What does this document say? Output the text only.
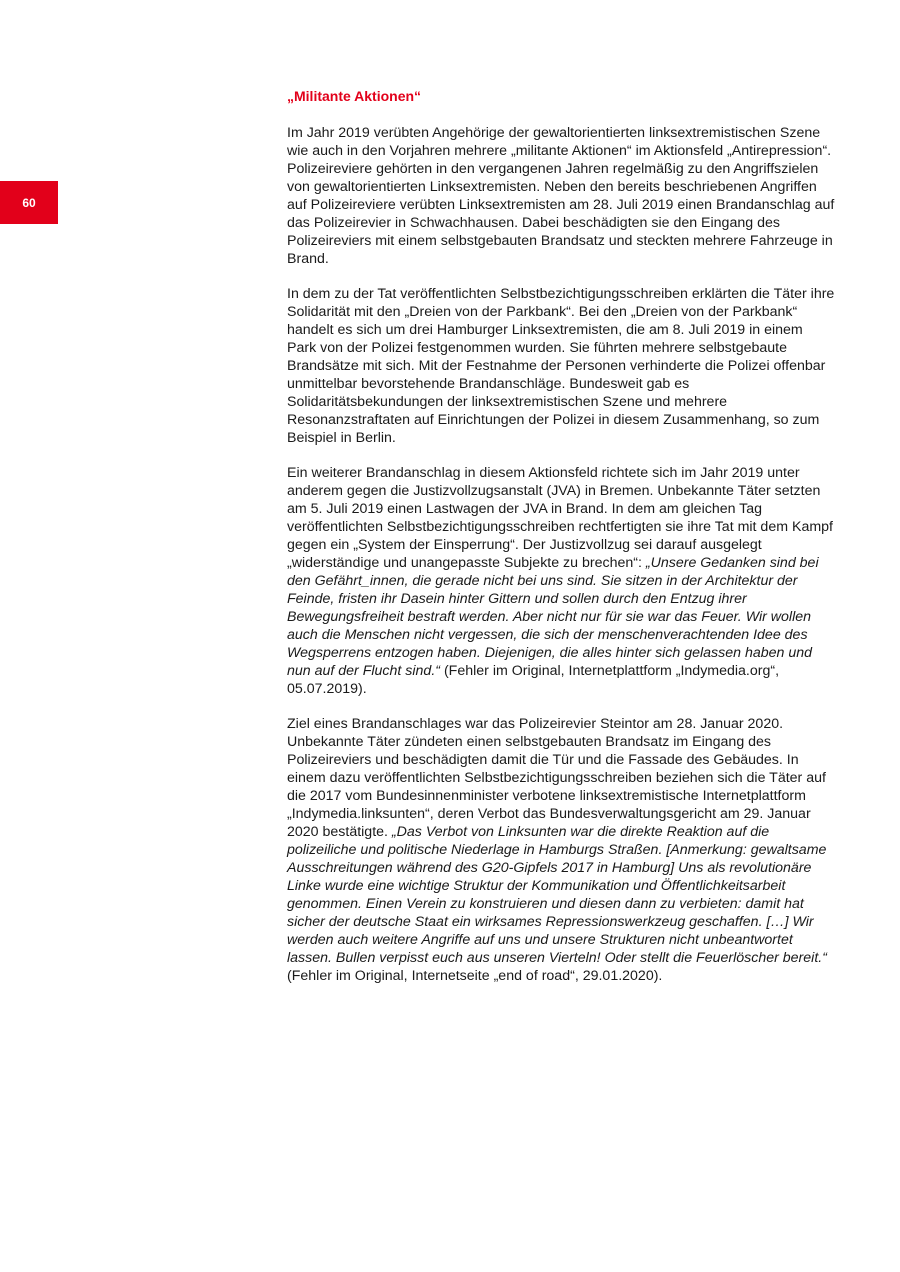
60
„Militante Aktionen“

Im Jahr 2019 verübten Angehörige der gewaltorientierten linksextremistischen Szene wie auch in den Vorjahren mehrere „militante Aktionen“ im Aktionsfeld „Antirepression“. Polizeireviere gehörten in den vergangenen Jahren regelmäßig zu den Angriffszielen von gewaltorientierten Linksextremisten. Neben den bereits beschriebenen Angriffen auf Polizeireviere verübten Linksextremisten am 28. Juli 2019 einen Brandanschlag auf das Polizeirevier in Schwachhausen. Dabei beschädigten sie den Eingang des Polizeireviers mit einem selbstgebauten Brandsatz und steckten mehrere Fahrzeuge in Brand.

In dem zu der Tat veröffentlichten Selbstbezichtigungsschreiben erklärten die Täter ihre Solidarität mit den „Dreien von der Parkbank“. Bei den „Dreien von der Parkbank“ handelt es sich um drei Hamburger Linksextremisten, die am 8. Juli 2019 in einem Park von der Polizei festgenommen wurden. Sie führten mehrere selbstgebaute Brandsätze mit sich. Mit der Festnahme der Personen verhinderte die Polizei offenbar unmittelbar bevorstehende Brandanschläge. Bundesweit gab es Solidaritätsbekundungen der linksextremistischen Szene und mehrere Resonanzstraftaten auf Einrichtungen der Polizei in diesem Zusammenhang, so zum Beispiel in Berlin.

Ein weiterer Brandanschlag in diesem Aktionsfeld richtete sich im Jahr 2019 unter anderem gegen die Justizvollzugsanstalt (JVA) in Bremen. Unbekannte Täter setzten am 5. Juli 2019 einen Lastwagen der JVA in Brand. In dem am gleichen Tag veröffentlichten Selbstbezichtigungsschreiben rechtfertigten sie ihre Tat mit dem Kampf gegen ein „System der Einsperrung“. Der Justizvollzug sei darauf ausgelegt „widerständige und unangepasste Subjekte zu brechen“: „Unsere Gedanken sind bei den Gefährt_innen, die gerade nicht bei uns sind. Sie sitzen in der Architektur der Feinde, fristen ihr Dasein hinter Gittern und sollen durch den Entzug ihrer Bewegungsfreiheit bestraft werden. Aber nicht nur für sie war das Feuer. Wir wollen auch die Menschen nicht vergessen, die sich der menschenverachtenden Idee des Wegsperrens entzogen haben. Diejenigen, die alles hinter sich gelassen haben und nun auf der Flucht sind.“ (Fehler im Original, Internetplattform „Indymedia.org“, 05.07.2019).

Ziel eines Brandanschlages war das Polizeirevier Steintor am 28. Januar 2020. Unbekannte Täter zündeten einen selbstgebauten Brandsatz im Eingang des Polizeireviers und beschädigten damit die Tür und die Fassade des Gebäudes. In einem dazu veröffentlichten Selbstbezichtigungsschreiben beziehen sich die Täter auf die 2017 vom Bundesinnenminister verbotene linksextremistische Internetplattform „Indymedia.linksunten“, deren Verbot das Bundesverwaltungsgericht am 29. Januar 2020 bestätigte. „Das Verbot von Linksunten war die direkte Reaktion auf die polizeiliche und politische Niederlage in Hamburgs Straßen. [Anmerkung: gewaltsame Ausschreitungen während des G20-Gipfels 2017 in Hamburg] Uns als revolutionäre Linke wurde eine wichtige Struktur der Kommunikation und Öffentlichkeitsarbeit genommen. Einen Verein zu konstruieren und diesen dann zu verbieten: damit hat sicher der deutsche Staat ein wirksames Repressionswerkzeug geschaffen. […] Wir werden auch weitere Angriffe auf uns und unsere Strukturen nicht unbeantwortet lassen. Bullen verpisst euch aus unseren Vierteln! Oder stellt die Feuerlöscher bereit.“ (Fehler im Original, Internetseite „end of road“, 29.01.2020).
